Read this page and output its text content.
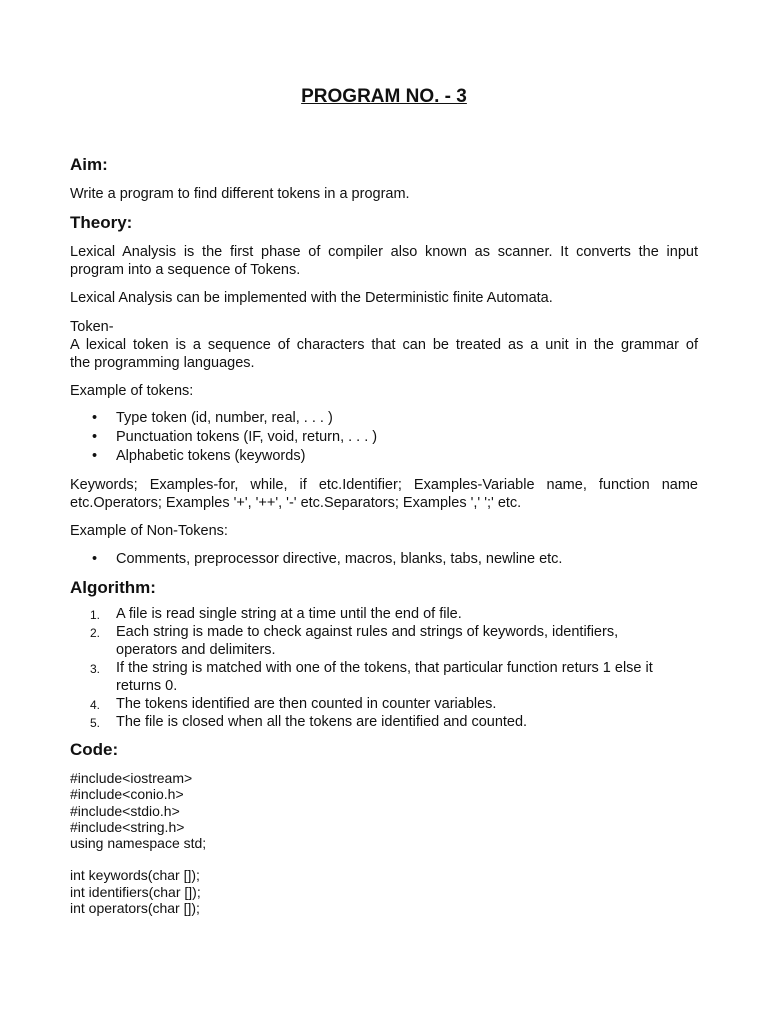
PROGRAM NO. - 3
Aim:

Write a program to find different tokens in a program.

Theory:

Lexical Analysis is the first phase of compiler also known as scanner. It converts the input

program into a sequence of Tokens.

Lexical Analysis can be implemented with the Deterministic finite Automata.

Token-

A lexical token is a sequence of characters that can be treated as a unit in the grammar of

the programming languages.

Example of tokens:

• Type token (id, number, real, . . . )
• Punctuation tokens (IF, void, return, . . . )
• Alphabetic tokens (keywords)

Keywords; Examples-for, while, if etc.Identifier; Examples-Variable name, function name

etc.Operators; Examples '+', '++', '-' etc.Separators; Examples ',' ';' etc.

Example of Non-Tokens:

• Comments, preprocessor directive, macros, blanks, tabs, newline etc.
Algorithm:
1. A file is read single string at a time until the end of file.
2. Each string is made to check against rules and strings of keywords, identifiers,
operators and delimiters.
3. If the string is matched with one of the tokens, that particular function returs 1 else it
returns 0.
4. The tokens identified are then counted in counter variables.
5. The file is closed when all the tokens are identified and counted.
Code:
#include<iostream>
#include<conio.h>
#include<stdio.h>
#include<string.h>
using namespace std;
int keywords(char []);
int identifiers(char []);
int operators(char []);
